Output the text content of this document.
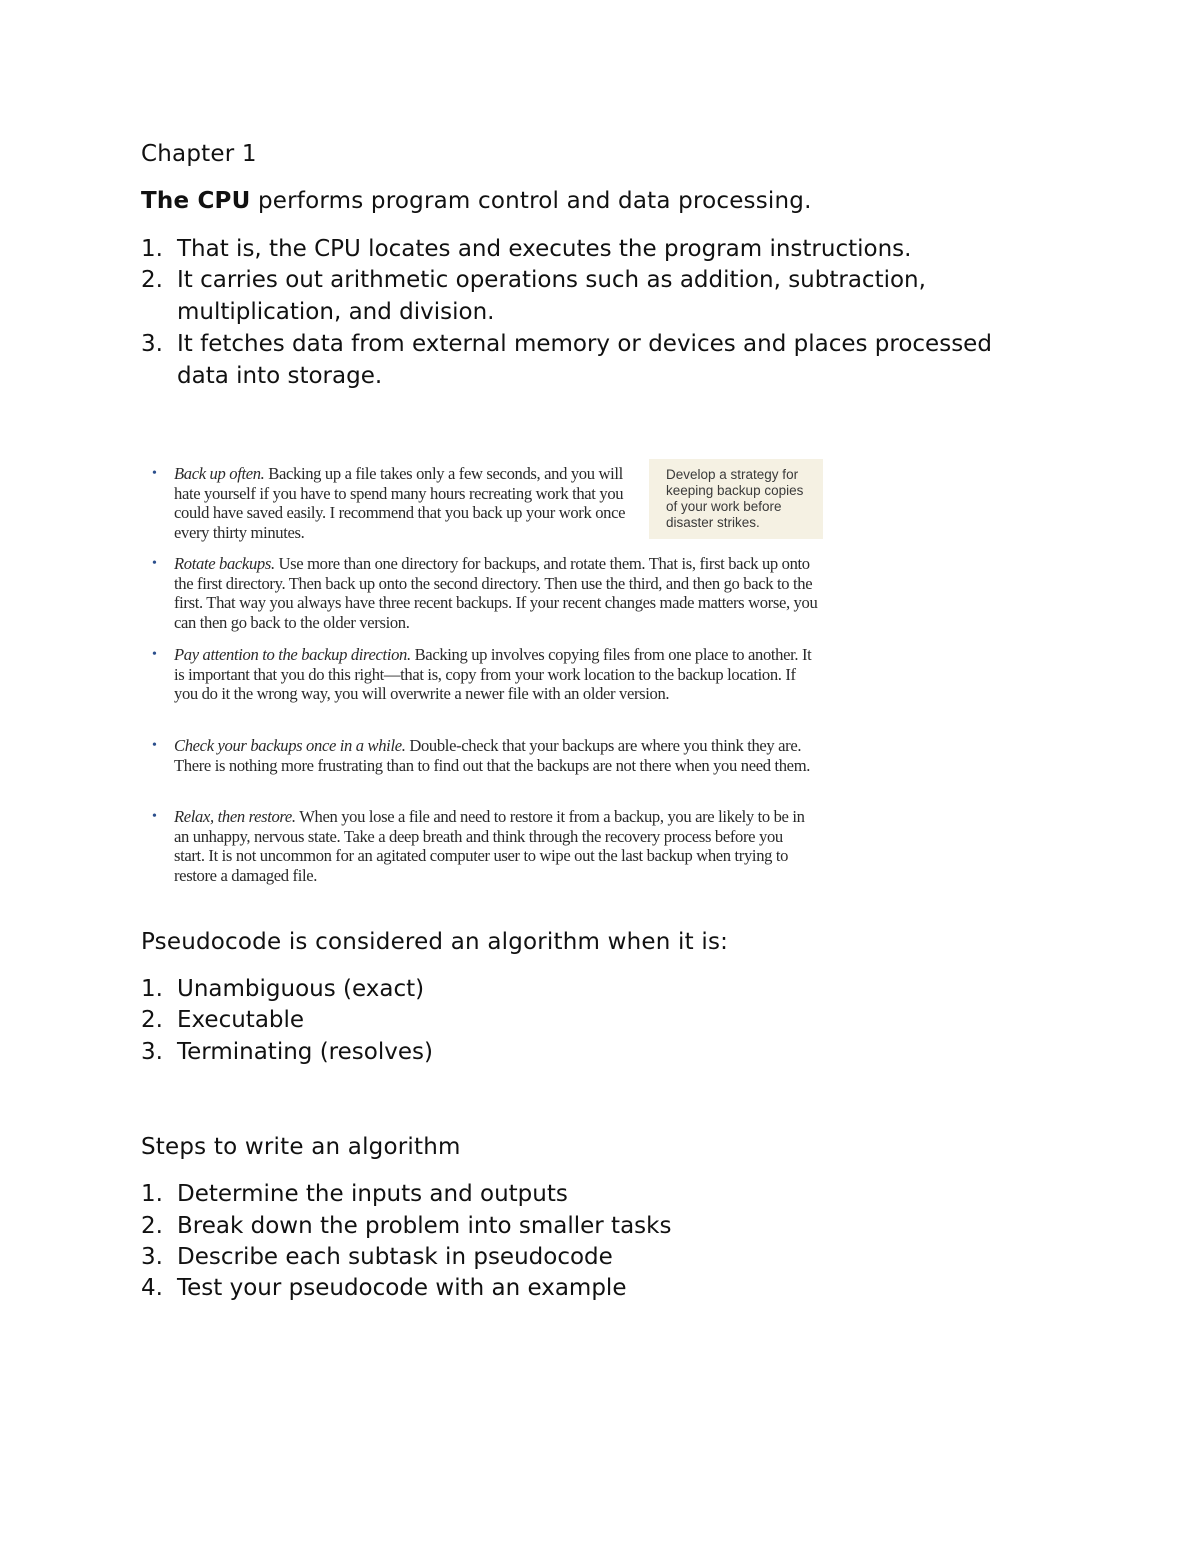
Chapter 1
The CPU performs program control and data processing.
1. That is, the CPU locates and executes the program instructions.
2. It carries out arithmetic operations such as addition, subtraction, multiplication, and division.
3. It fetches data from external memory or devices and places processed data into storage.
Develop a strategy for keeping backup copies of your work before disaster strikes.
• Back up often. Backing up a file takes only a few seconds, and you will hate yourself if you have to spend many hours recreating work that you could have saved easily. I recommend that you back up your work once every thirty minutes.
• Rotate backups. Use more than one directory for backups, and rotate them. That is, first back up onto the first directory. Then back up onto the second directory. Then use the third, and then go back to the first. That way you always have three recent backups. If your recent changes made matters worse, you can then go back to the older version.
• Pay attention to the backup direction. Backing up involves copying files from one place to another. It is important that you do this right—that is, copy from your work location to the backup location. If you do it the wrong way, you will overwrite a newer file with an older version.
• Check your backups once in a while. Double-check that your backups are where you think they are. There is nothing more frustrating than to find out that the backups are not there when you need them.
• Relax, then restore. When you lose a file and need to restore it from a backup, you are likely to be in an unhappy, nervous state. Take a deep breath and think through the recovery process before you start. It is not uncommon for an agitated computer user to wipe out the last backup when trying to restore a damaged file.
Pseudocode is considered an algorithm when it is:
1. Unambiguous (exact)
2. Executable
3. Terminating (resolves)
Steps to write an algorithm
1. Determine the inputs and outputs
2. Break down the problem into smaller tasks
3. Describe each subtask in pseudocode
4. Test your pseudocode with an example
